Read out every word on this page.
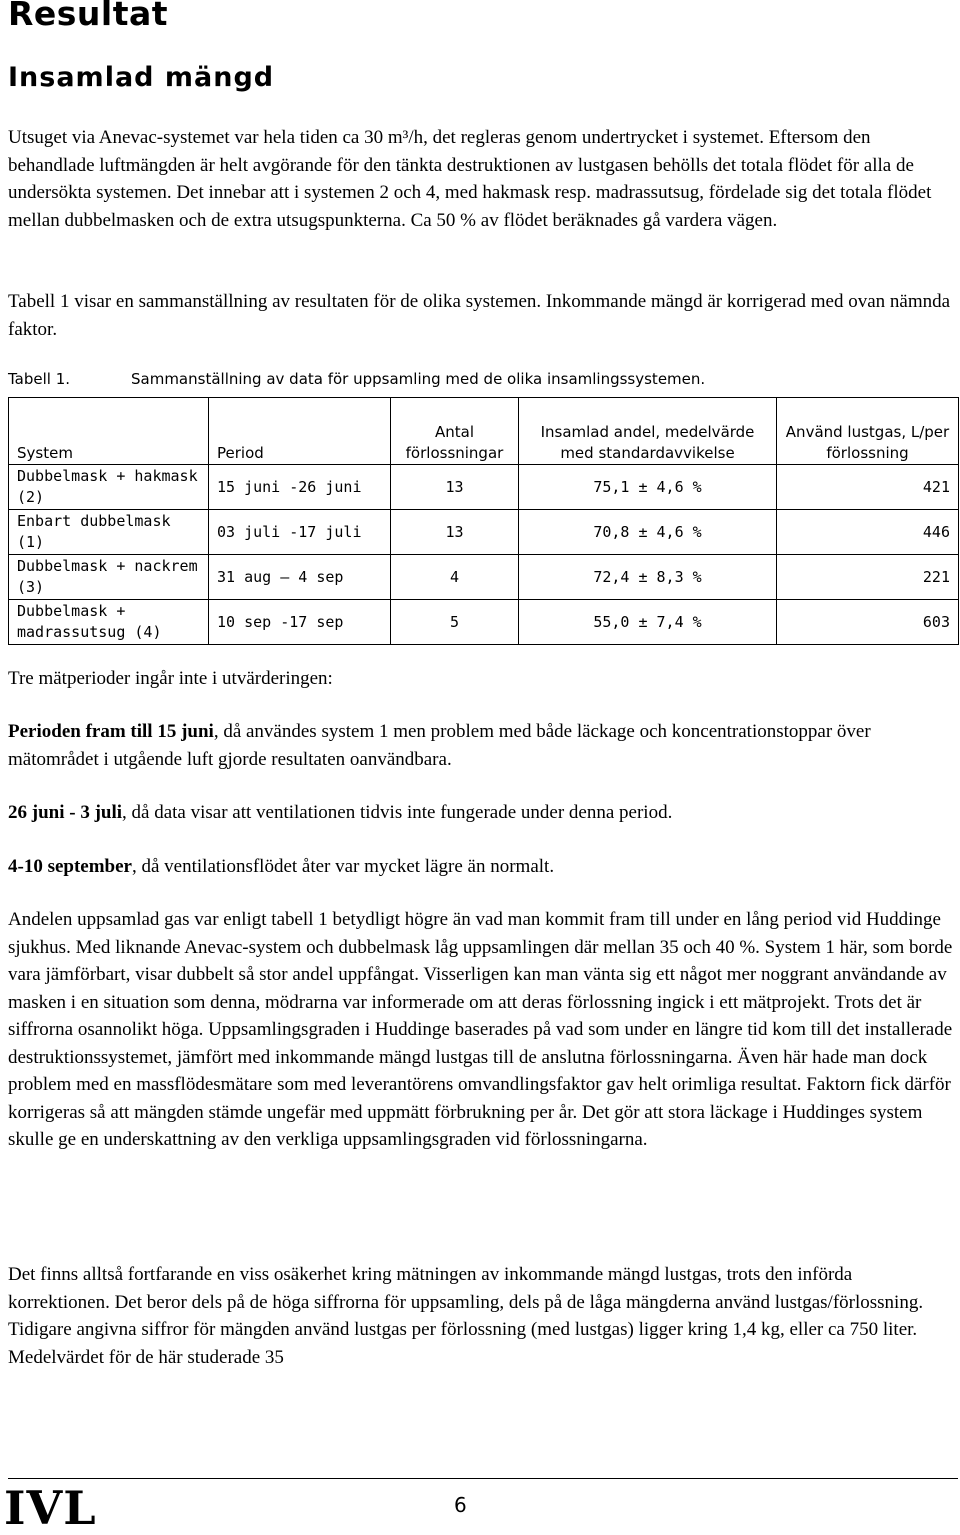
Resultat
Insamlad mängd

Utsuget via Anevac-systemet var hela tiden ca 30 m³/h, det regleras genom undertrycket i systemet. Eftersom den behandlade luftmängden är helt avgörande för den tänkta destruktionen av lustgasen behölls det totala flödet för alla de undersökta systemen. Det innebar att i systemen 2 och 4, med hakmask resp. madrassutsug, fördelade sig det totala flödet mellan dubbelmasken och de extra utsugspunkterna. Ca 50 % av flödet beräknades gå vardera vägen.

Tabell 1 visar en sammanställning av resultaten för de olika systemen. Inkommande mängd är korrigerad med ovan nämnda faktor.

Tabell 1.	Sammanställning av data för uppsamling med de olika insamlingssystemen.
System	Period	Antal förlossningar	Insamlad andel, medelvärde med standardavvikelse	Använd lustgas, L/per förlossning
Dubbelmask + hakmask (2)	15 juni -26 juni	13	75,1 ± 4,6 %	421
Enbart dubbelmask (1)	03 juli -17 juli	13	70,8 ± 4,6 %	446
Dubbelmask + nackrem (3)	31 aug — 4 sep	4	72,4 ± 8,3 %	221
Dubbelmask + madrassutsug (4)	10 sep -17 sep	5	55,0 ± 7,4 %	603

Tre mätperioder ingår inte i utvärderingen:

Perioden fram till 15 juni, då användes system 1 men problem med både läckage och koncentrationstoppar över mätområdet i utgående luft gjorde resultaten oanvändbara.

26 juni - 3 juli, då data visar att ventilationen tidvis inte fungerade under denna period.

4-10 september, då ventilationsflödet åter var mycket lägre än normalt.

Andelen uppsamlad gas var enligt tabell 1 betydligt högre än vad man kommit fram till under en lång period vid Huddinge sjukhus. Med liknande Anevac-system och dubbelmask låg uppsamlingen där mellan 35 och 40 %. System 1 här, som borde vara jämförbart, visar dubbelt så stor andel uppfångat. Visserligen kan man vänta sig ett något mer noggrant användande av masken i en situation som denna, mödrarna var informerade om att deras förlossning ingick i ett mätprojekt. Trots det är siffrorna osannolikt höga. Uppsamlingsgraden i Huddinge baserades på vad som under en längre tid kom till det installerade destruktionssystemet, jämfört med inkommande mängd lustgas till de anslutna förlossningarna. Även här hade man dock problem med en massflödesmätare som med leverantörens omvandlingsfaktor gav helt orimliga resultat. Faktorn fick därför korrigeras så att mängden stämde ungefär med uppmätt förbrukning per år. Det gör att stora läckage i Huddinges system skulle ge en underskattning av den verkliga uppsamlingsgraden vid förlossningarna.

Det finns alltså fortfarande en viss osäkerhet kring mätningen av inkommande mängd lustgas, trots den införda korrektionen. Det beror dels på de höga siffrorna för uppsamling, dels på de låga mängderna använd lustgas/förlossning. Tidigare angivna siffror för mängden använd lustgas per förlossning (med lustgas) ligger kring 1,4 kg, eller ca 750 liter. Medelvärdet för de här studerade 35

IVL	6
